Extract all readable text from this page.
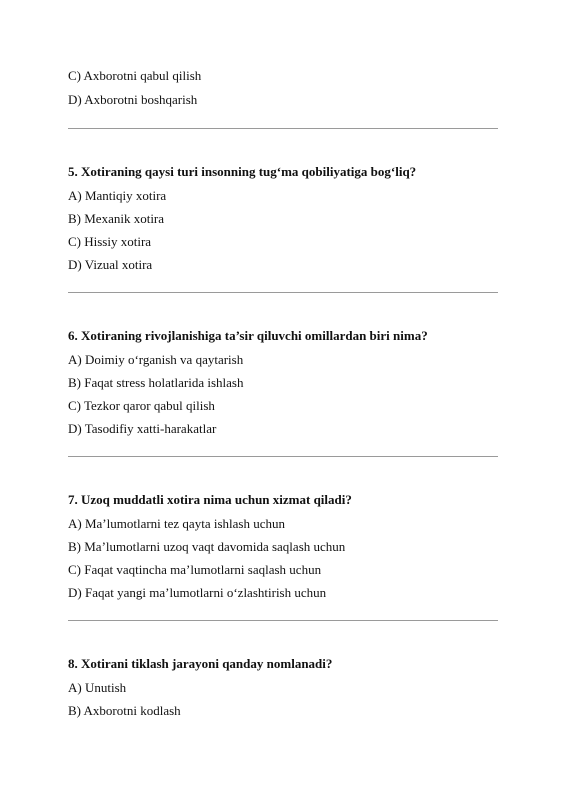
C) Axborotni qabul qilish

D) Axborotni boshqarish

5. Xotiraning qaysi turi insonning tug‘ma qobiliyatiga bog‘liq?

A) Mantiqiy xotira

B) Mexanik xotira

C) Hissiy xotira

D) Vizual xotira

6. Xotiraning rivojlanishiga ta’sir qiluvchi omillardan biri nima?

A) Doimiy o‘rganish va qaytarish

B) Faqat stress holatlarida ishlash

C) Tezkor qaror qabul qilish

D) Tasodifiy xatti-harakatlar

7. Uzoq muddatli xotira nima uchun xizmat qiladi?

A) Ma’lumotlarni tez qayta ishlash uchun

B) Ma’lumotlarni uzoq vaqt davomida saqlash uchun

C) Faqat vaqtincha ma’lumotlarni saqlash uchun

D) Faqat yangi ma’lumotlarni o‘zlashtirish uchun

8. Xotirani tiklash jarayoni qanday nomlanadi?

A) Unutish

B) Axborotni kodlash
